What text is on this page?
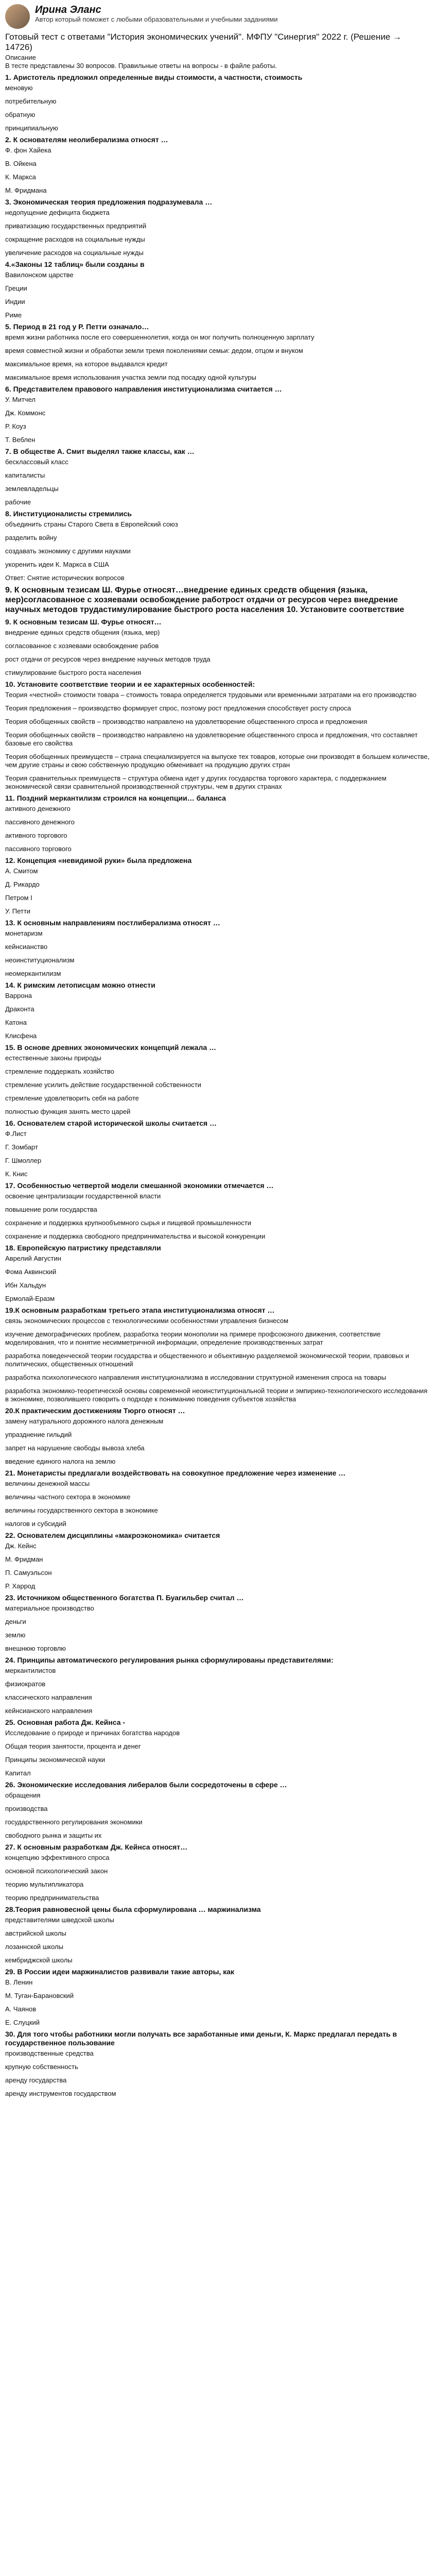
Ирина Эланс
Автор который поможет с любыми образовательными и учебными заданиями
Готовый тест с ответами "История экономических учений". МФПУ "Синергия" 2022 г. (Решение → 14726)
Описание
В тесте представлены 30 вопросов. Правильные ответы на вопросы - в файле работы.
1. Аристотель предложил определенные виды стоимости, а частности, стоимость
меновую
потребительную
обратную
принципиальную
2. К основателям неолиберализма относят …
Ф. фон Хайека
В. Ойкена
К. Маркса
М. Фридмана
3. Экономическая теория предложения подразумевала …
недопущение дефицита бюджета
приватизацию государственных предприятий
сокращение расходов на социальные нужды
увеличение расходов на социальные нужды
4.«Законы 12 таблиц» были созданы в
Вавилонском царстве
Греции
Индии
Риме
5. Период в 21 год у Р. Петти означало…
время жизни работника после его совершеннолетия, когда он мог получить полноценную зарплату
время совместной жизни и обработки земли тремя поколениями семьи: дедом, отцом и внуком
максимальное время, на которое выдавался кредит
максимальное время использования участка земли под посадку одной культуры
6. Представителем правового направления институционализма считается …
У. Митчел
Дж. Коммонс
Р. Коуз
Т. Веблен
7. В обществе А. Смит выделял также классы, как …
бесклассовый класс
капиталисты
землевладельцы
рабочие
8. Институционалисты стремились
объединить страны Старого Света в Европейский союз
разделить войну
создавать экономику с другими науками
укоренить идеи К. Маркса в США
Ответ: Снятие исторических вопросов
9. К основным тезисам Ш. Фурье относят…внедрение единых средств общения (языка, мер)согласованное с хозяевами освобождение работрост отдачи от ресурсов через внедрение научных методов трудастимулирование быстрого роста населения 10. Установите соответствие
9. К основным тезисам Ш. Фурье относят…
внедрение единых средств общения (языка, мер)
согласованное с хозяевами освобождение рабов
рост отдачи от ресурсов через внедрение научных методов труда
стимулирование быстрого роста населения
10. Установите соответствие теории и ее характерных особенностей:
Теория «честной» стоимости товара – стоимость товара определяется трудовыми или временными затратами на его производство
Теория предложения – производство формирует спрос, поэтому рост предложения способствует росту спроса
Теория обобщенных свойств – производство направлено на удовлетворение общественного спроса и предложения
Теория обобщенных свойств – производство направлено на удовлетворение общественного спроса и предложения, что составляет базовые его свойства
Теория обобщенных преимуществ – страна специализируется на выпуске тех товаров, которые они производят в большем количестве, чем другие страны и свою собственную продукцию обменивает на продукцию других стран
Теория сравнительных преимуществ – структура обмена идет у других государства торгового характера, с поддержанием экономической связи сравнительной производственной структуры, чем в других странах
11. Поздний меркантилизм строился на концепции… баланса
активного денежного
пассивного денежного
активного торгового
пассивного торгового
12. Концепция «невидимой руки» была предложена
А. Смитом
Д. Рикардо
Петром I
У. Петти
13. К основным направлениям постлиберализма относят …
монетаризм
кейнсианство
неоинституционализм
неомеркантилизм
14. К римским летописцам можно отнести
Варрона
Драконта
Катона
Клисфена
15. В основе древних экономических концепций лежала …
естественные законы природы
стремление поддержать хозяйство
стремление усилить действие государственной собственности
стремление удовлетворить себя на работе
полностью функция занять место царей
16. Основателем старой исторической школы считается …
Ф.Лист
Г. Зомбарт
Г. Шмоллер
К. Книс
17. Особенностью четвертой модели смешанной экономики отмечается …
освоение централизации государственной власти
повышение роли государства
сохранение и поддержка крупнообъемного сырья и пищевой промышленности
сохранение и поддержка свободного предпринимательства и высокой конкуренции
18. Европейскую патристику представляли
Аврелий Августин
Фома Аквинский
Ибн Хальдун
Ермолай-Еразм
19.К основным разработкам третьего этапа институционализма относят …
связь экономических процессов с технологическими особенностями управления бизнесом
изучение демографических проблем, разработка теории монополии на примере профсоюзного движения, соответствие моделирования, что и понятие несимметричной информации, определение производственных затрат
разработка поведенческой теории государства и общественного и объективную разделяемой экономической теории, правовых и политических, общественных отношений
разработка психологического направления институционализма в исследовании структурной изменения спроса на товары
разработка экономико-теоретической основы современной неоинституциональной теории и эмпирико-технологического исследования в экономике, позволившего говорить о подходе к пониманию поведения субъектов хозяйства
20.К практическим достижениям Тюрго относят …
замену натурального дорожного налога денежным
упразднение гильдий
запрет на нарушение свободы вывоза хлеба
введение единого налога на землю
21. Монетаристы предлагали воздействовать на совокупное предложение через изменение …
величины денежной массы
величины частного сектора в экономике
величины государственного сектора в экономике
налогов и субсидий
22. Основателем дисциплины «макроэкономика» считается
Дж. Кейнс
М. Фридман
П. Самуэльсон
Р. Харрод
23. Источником общественного богатства П. Буагильбер считал …
материальное производство
деньги
землю
внешнюю торговлю
24. Принципы автоматического регулирования рынка сформулированы представителями:
меркантилистов
физиократов
классического направления
кейнсианского направления
25. Основная работа Дж. Кейнса -
Исследование о природе и причинах богатства народов
Общая теория занятости, процента и денег
Принципы экономической науки
Капитал
26. Экономические исследования либералов были сосредоточены в сфере …
обращения
производства
государственного регулирования экономики
свободного рынка и защиты их
27. К основным разработкам Дж. Кейнса относят…
концепцию эффективного спроса
основной психологический закон
теорию мультипликатора
теорию предпринимательства
28.Теория равновесной цены была сформулирована … маржинализма
представителями шведской школы
австрийской школы
лозаннской школы
кембриджской школы
29. В России идеи маржиналистов развивали такие авторы, как
В. Ленин
М. Туган-Барановский
А. Чаянов
Е. Слуцкий
30. Для того чтобы работники могли получать все заработанные ими деньги, К. Маркс предлагал передать в государственное пользование
производственные средства
крупную собственность
аренду государства
аренду инструментов государством
